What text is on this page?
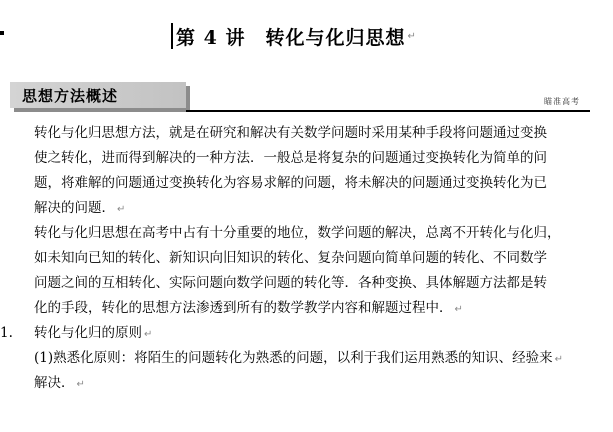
第 4 讲　转化与化归思想 ↵
思想方法概述	瞄准高考
转化与化归思想方法，就是在研究和解决有关数学问题时采用某种手段将问题通过变换
使之转化，进而得到解决的一种方法．一般总是将复杂的问题通过变换转化为简单的问
题，将难解的问题通过变换转化为容易求解的问题，将未解决的问题通过变换转化为已
解决的问题． ↵
转化与化归思想在高考中占有十分重要的地位，数学问题的解决，总离不开转化与化归，
如未知向已知的转化、新知识向旧知识的转化、复杂问题向简单问题的转化、不同数学
问题之间的互相转化、实际问题向数学问题的转化等．各种变换、具体解题方法都是转
化的手段，转化的思想方法渗透到所有的数学教学内容和解题过程中． ↵
1.	转化与化归的原则 ↵
(1)熟悉化原则：将陌生的问题转化为熟悉的问题，以利于我们运用熟悉的知识、经验来 ↵
解决． ↵
